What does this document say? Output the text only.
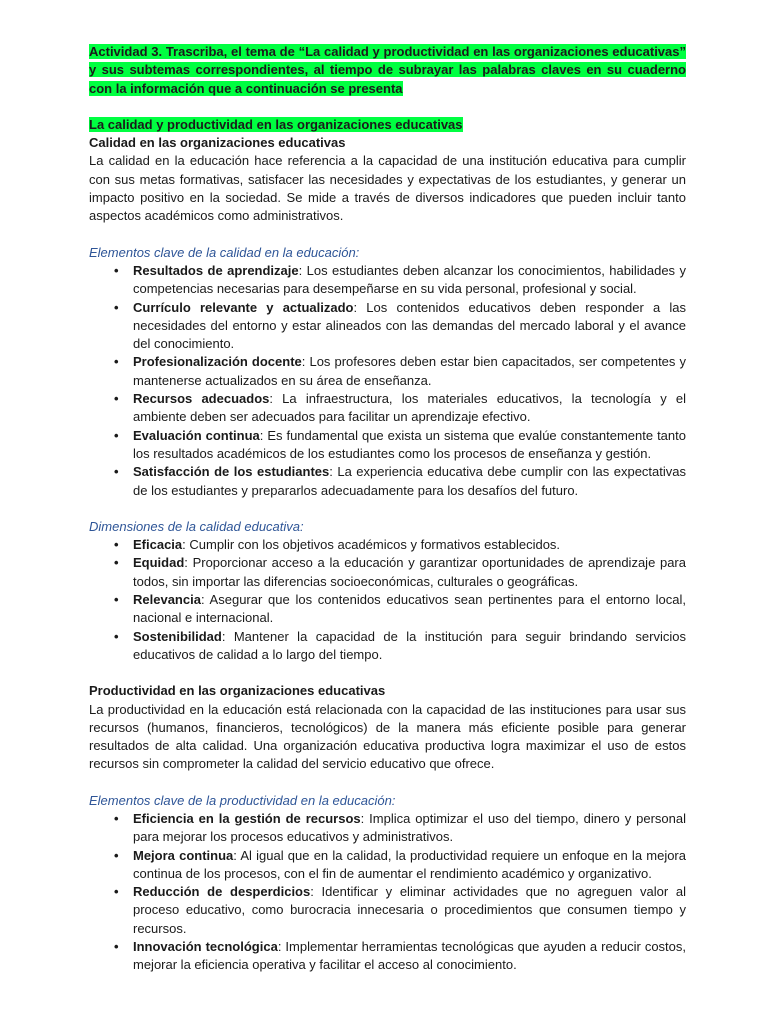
Actividad 3. Trascriba, el tema de “La calidad y productividad en las organizaciones educativas” y sus subtemas correspondientes, al tiempo de subrayar las palabras claves en su cuaderno con la información que a continuación se presenta

La calidad y productividad en las organizaciones educativas

Calidad en las organizaciones educativas

La calidad en la educación hace referencia a la capacidad de una institución educativa para cumplir con sus metas formativas, satisfacer las necesidades y expectativas de los estudiantes, y generar un impacto positivo en la sociedad. Se mide a través de diversos indicadores que pueden incluir tanto aspectos académicos como administrativos.

Elementos clave de la calidad en la educación:

• Resultados de aprendizaje: Los estudiantes deben alcanzar los conocimientos, habilidades y competencias necesarias para desempeñarse en su vida personal, profesional y social.
• Currículo relevante y actualizado: Los contenidos educativos deben responder a las necesidades del entorno y estar alineados con las demandas del mercado laboral y el avance del conocimiento.
• Profesionalización docente: Los profesores deben estar bien capacitados, ser competentes y mantenerse actualizados en su área de enseñanza.
• Recursos adecuados: La infraestructura, los materiales educativos, la tecnología y el ambiente deben ser adecuados para facilitar un aprendizaje efectivo.
• Evaluación continua: Es fundamental que exista un sistema que evalúe constantemente tanto los resultados académicos de los estudiantes como los procesos de enseñanza y gestión.
• Satisfacción de los estudiantes: La experiencia educativa debe cumplir con las expectativas de los estudiantes y prepararlos adecuadamente para los desafíos del futuro.

Dimensiones de la calidad educativa:

• Eficacia: Cumplir con los objetivos académicos y formativos establecidos.
• Equidad: Proporcionar acceso a la educación y garantizar oportunidades de aprendizaje para todos, sin importar las diferencias socioeconómicas, culturales o geográficas.
• Relevancia: Asegurar que los contenidos educativos sean pertinentes para el entorno local, nacional e internacional.
• Sostenibilidad: Mantener la capacidad de la institución para seguir brindando servicios educativos de calidad a lo largo del tiempo.

Productividad en las organizaciones educativas

La productividad en la educación está relacionada con la capacidad de las instituciones para usar sus recursos (humanos, financieros, tecnológicos) de la manera más eficiente posible para generar resultados de alta calidad. Una organización educativa productiva logra maximizar el uso de estos recursos sin comprometer la calidad del servicio educativo que ofrece.

Elementos clave de la productividad en la educación:

• Eficiencia en la gestión de recursos: Implica optimizar el uso del tiempo, dinero y personal para mejorar los procesos educativos y administrativos.
• Mejora continua: Al igual que en la calidad, la productividad requiere un enfoque en la mejora continua de los procesos, con el fin de aumentar el rendimiento académico y organizativo.
• Reducción de desperdicios: Identificar y eliminar actividades que no agreguen valor al proceso educativo, como burocracia innecesaria o procedimientos que consumen tiempo y recursos.
• Innovación tecnológica: Implementar herramientas tecnológicas que ayuden a reducir costos, mejorar la eficiencia operativa y facilitar el acceso al conocimiento.
